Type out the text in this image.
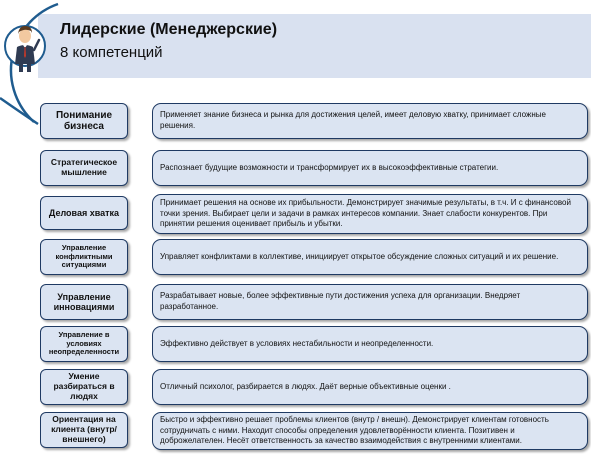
Лидерские (Менеджерские)
8 компетенций
Понимание бизнеса
Применяет знание бизнеса и рынка для достижения целей, имеет деловую хватку, принимает сложные решения.
Стратегическое мышление	Распознает будущие возможности и трансформирует их в высокоэффективные стратегии.
Деловая хватка
Принимает решения на основе их прибыльности. Демонстрирует значимые результаты, в т.ч. И с финансовой точки зрения. Выбирает цели и задачи в рамках интересов компании. Знает слабости конкурентов. При принятии решения оценивает прибыль и убытки.
Управление конфликтными ситуациями
Управляет конфликтами в коллективе, инициирует открытое обсуждение сложных ситуаций и их решение.
Управление инновациями
Разрабатывает новые, более эффективные пути достижения успеха для организации. Внедряет разработанное.
Управление в условиях неопределенности
Эффективно действует в условиях нестабильности и неопределенности.
Умение разбираться в людях
Отличный психолог, разбирается в людях. Даёт верные объективные оценки .
Ориентация на клиента (внутр/внешнего)
Быстро и эффективно решает проблемы клиентов (внутр / внешн). Демонстрирует клиентам готовность сотрудничать с ними. Находит способы определения удовлетворённости клиента. Позитивен и доброжелателен. Несёт ответственность за качество взаимодействия с внутренними клиентами.
